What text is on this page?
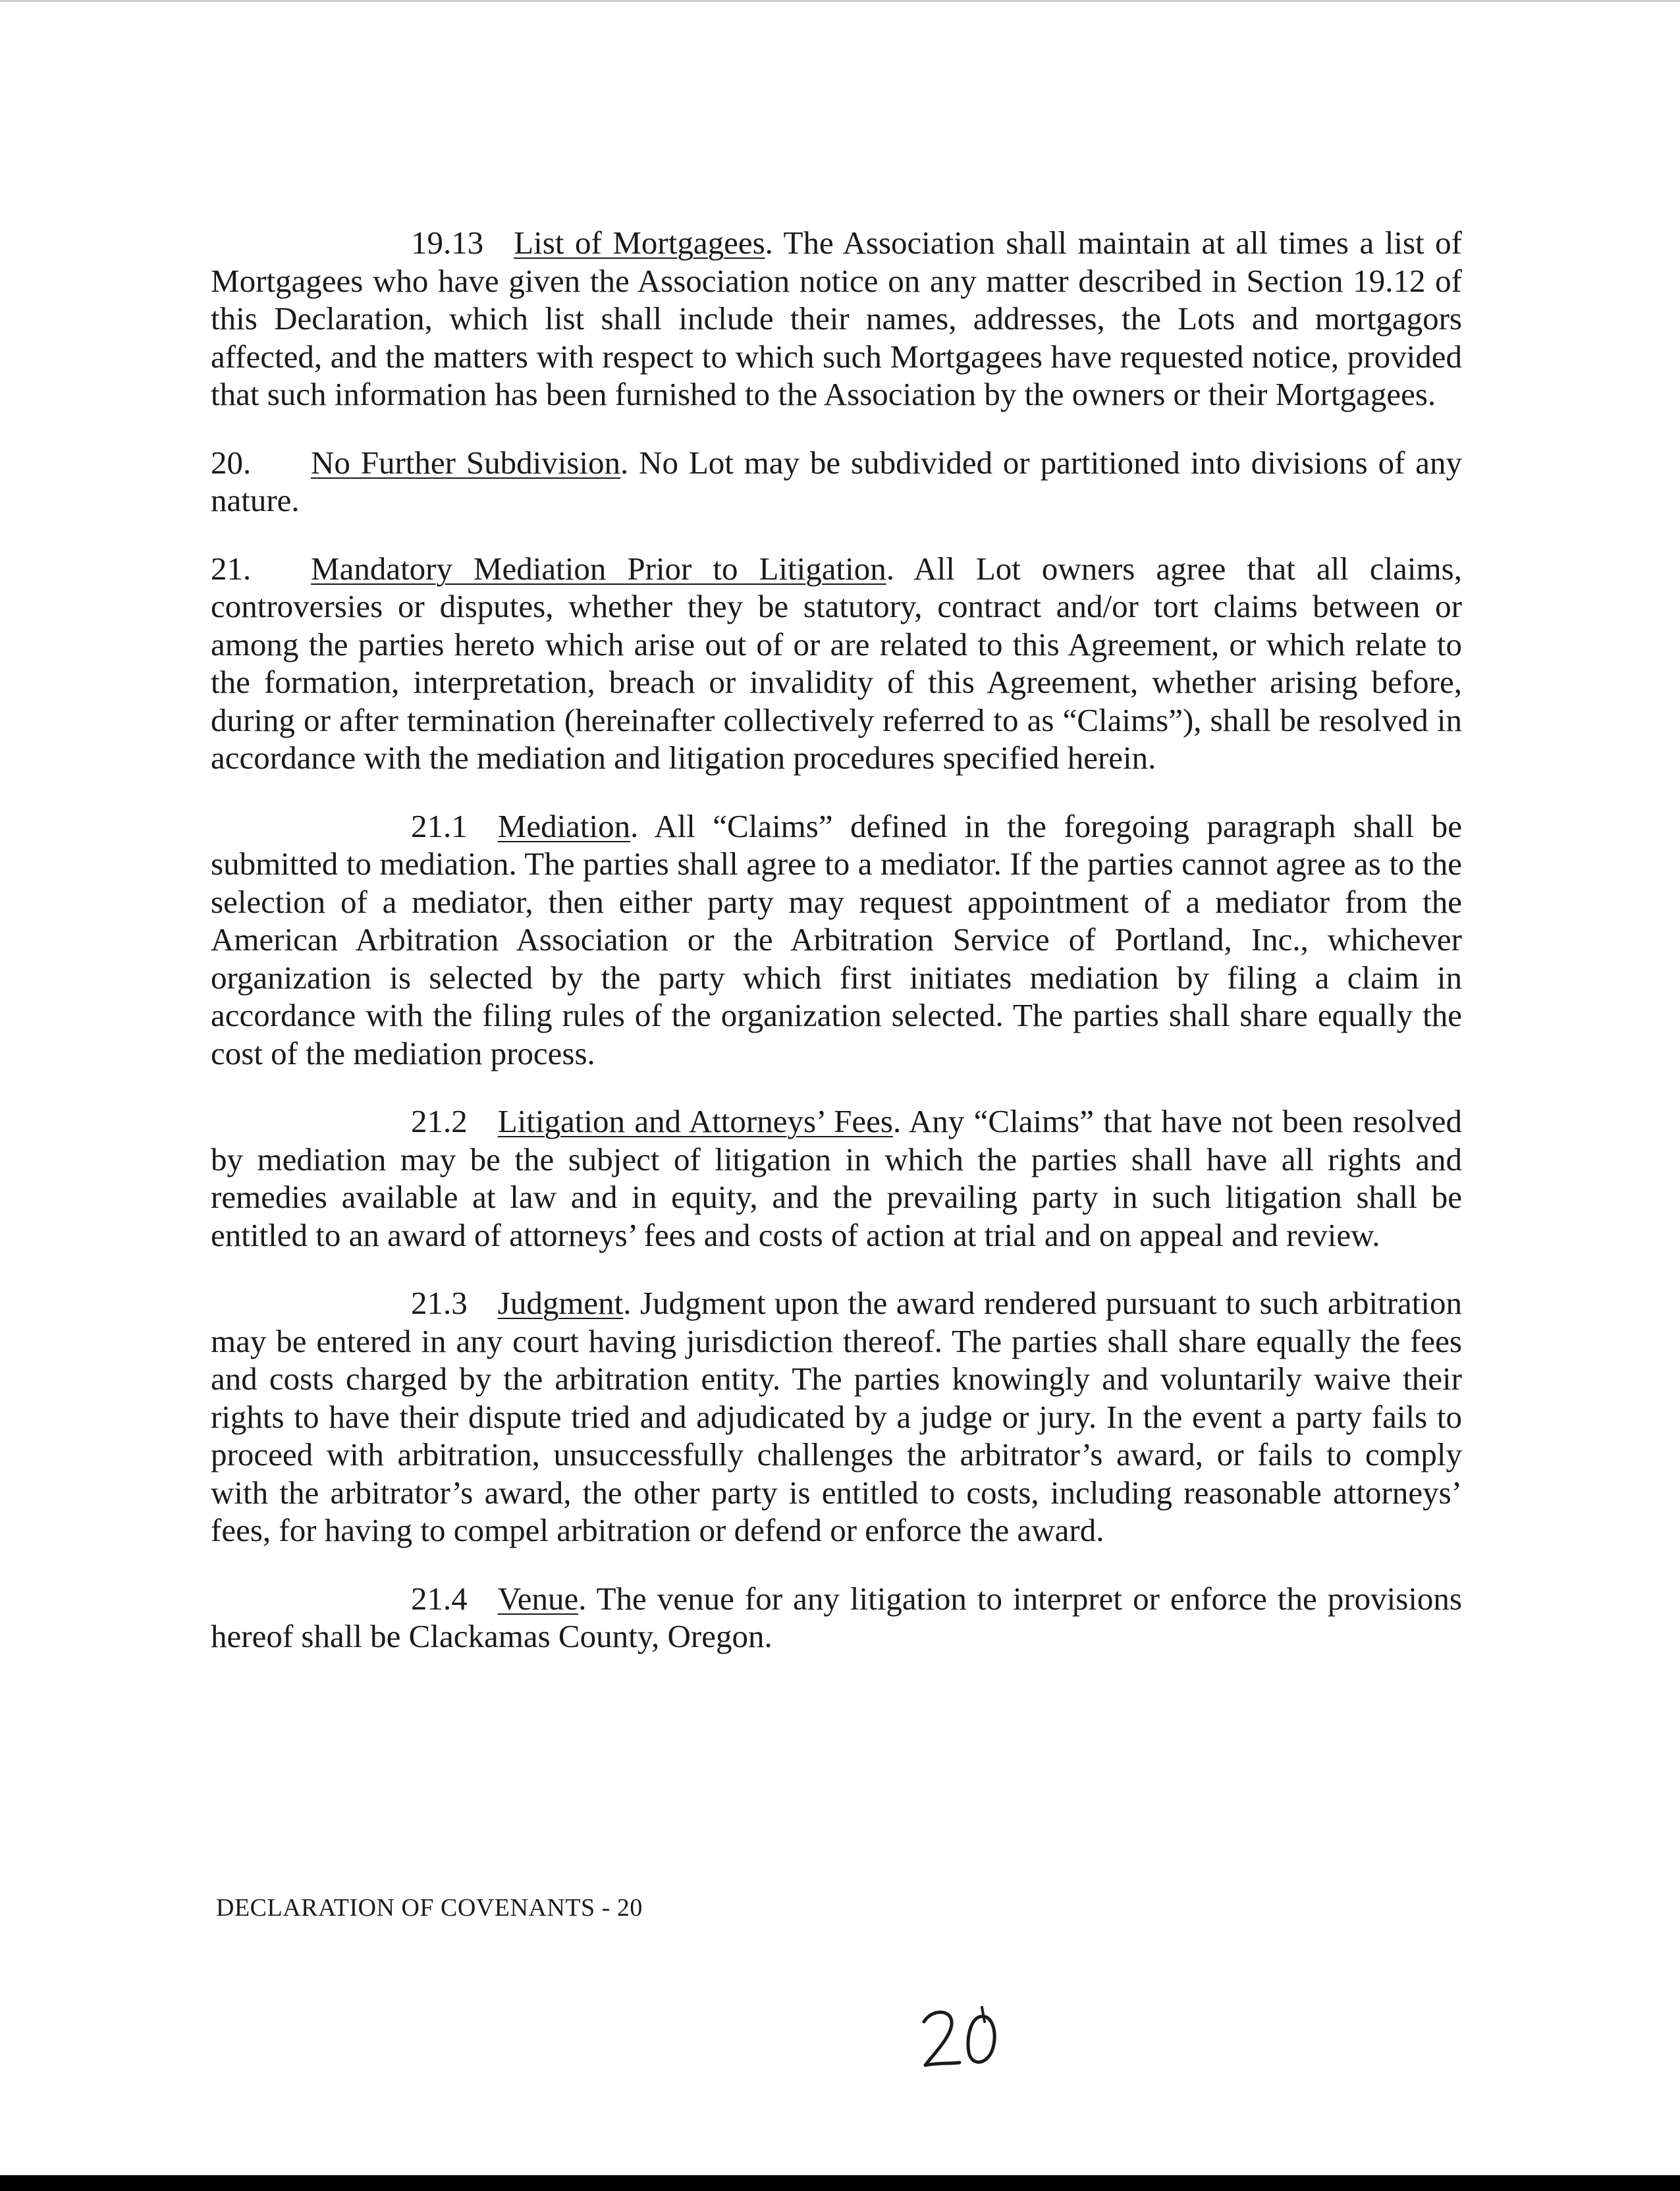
19.13 List of Mortgagees. The Association shall maintain at all times a list of Mortgagees who have given the Association notice on any matter described in Section 19.12 of this Declaration, which list shall include their names, addresses, the Lots and mortgagors affected, and the matters with respect to which such Mortgagees have requested notice, provided that such information has been furnished to the Association by the owners or their Mortgagees.

20. No Further Subdivision. No Lot may be subdivided or partitioned into divisions of any nature.

21. Mandatory Mediation Prior to Litigation. All Lot owners agree that all claims, controversies or disputes, whether they be statutory, contract and/or tort claims between or among the parties hereto which arise out of or are related to this Agreement, or which relate to the formation, interpretation, breach or invalidity of this Agreement, whether arising before, during or after termination (hereinafter collectively referred to as “Claims”), shall be resolved in accordance with the mediation and litigation procedures specified herein.

21.1 Mediation. All “Claims” defined in the foregoing paragraph shall be submitted to mediation. The parties shall agree to a mediator. If the parties cannot agree as to the selection of a mediator, then either party may request appointment of a mediator from the American Arbitration Association or the Arbitration Service of Portland, Inc., whichever organization is selected by the party which first initiates mediation by filing a claim in accordance with the filing rules of the organization selected. The parties shall share equally the cost of the mediation process.

21.2 Litigation and Attorneys’ Fees. Any “Claims” that have not been resolved by mediation may be the subject of litigation in which the parties shall have all rights and remedies available at law and in equity, and the prevailing party in such litigation shall be entitled to an award of attorneys’ fees and costs of action at trial and on appeal and review.

21.3 Judgment. Judgment upon the award rendered pursuant to such arbitration may be entered in any court having jurisdiction thereof. The parties shall share equally the fees and costs charged by the arbitration entity. The parties knowingly and voluntarily waive their rights to have their dispute tried and adjudicated by a judge or jury. In the event a party fails to proceed with arbitration, unsuccessfully challenges the arbitrator’s award, or fails to comply with the arbitrator’s award, the other party is entitled to costs, including reasonable attorneys’ fees, for having to compel arbitration or defend or enforce the award.

21.4 Venue. The venue for any litigation to interpret or enforce the provisions hereof shall be Clackamas County, Oregon.

DECLARATION OF COVENANTS - 20
